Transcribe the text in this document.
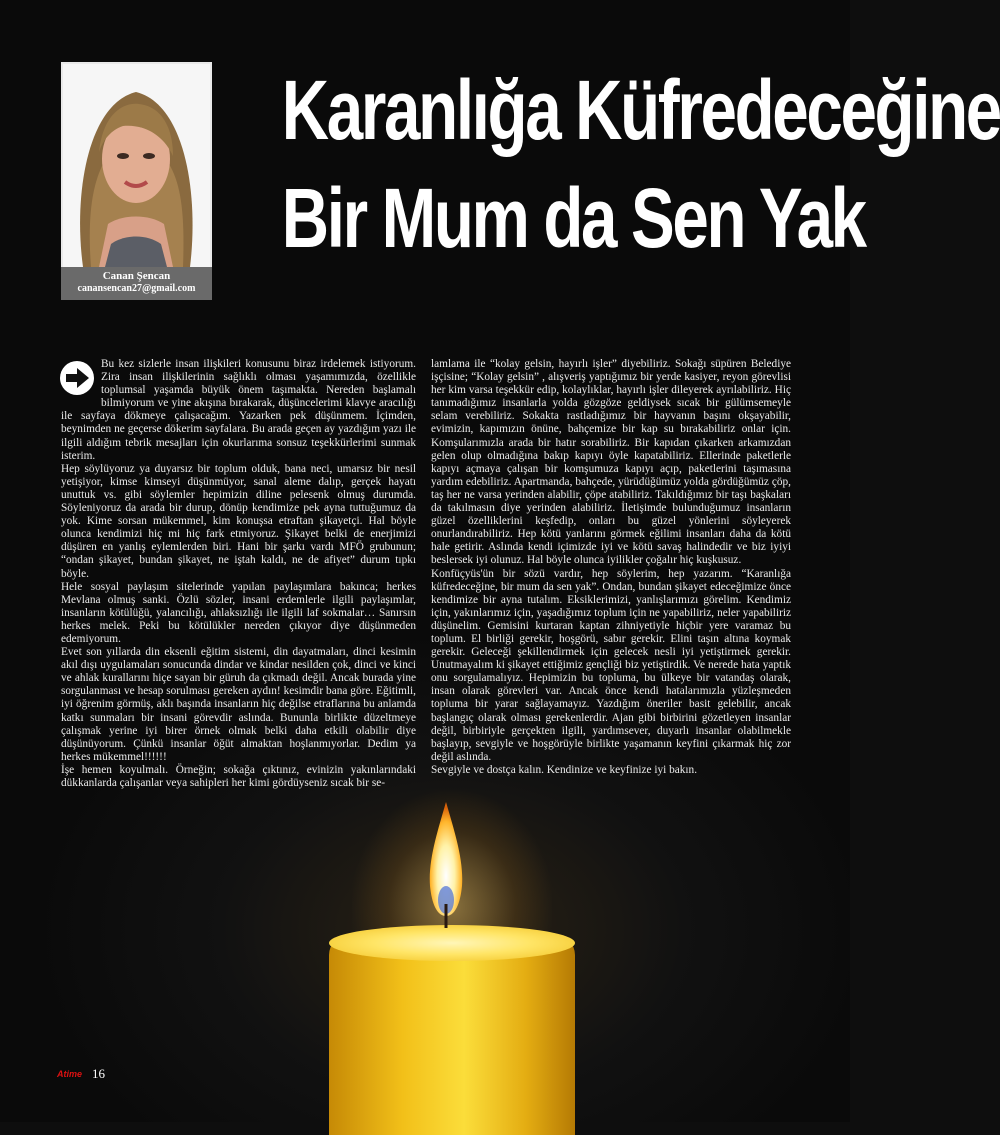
Canan Şencan
canansencan27@gmail.com
Karanlığa Küfredeceğine
Bir Mum da Sen Yak

Bu kez sizlerle insan ilişkileri konusunu biraz irdelemek istiyorum. Zira insan ilişkilerinin sağlıklı olması yaşamımızda, özellikle toplumsal yaşamda büyük önem taşımakta. Nereden başlamalı bilmiyorum ve yine akışına bırakarak, düşüncelerimi klavye aracılığı ile sayfaya dökmeye çalışacağım. Yazarken pek düşünmem. İçimden, beynimden ne geçerse dökerim sayfalara. Bu arada geçen ay yazdığım yazı ile ilgili aldığım tebrik mesajları için okurlarıma sonsuz teşekkürlerimi sunmak isterim.
Hep söylüyoruz ya duyarsız bir toplum olduk, bana neci, umarsız bir nesil yetişiyor, kimse kimseyi düşünmüyor, sanal aleme dalıp, gerçek hayatı unuttuk vs. gibi söylemler hepimizin diline pelesenk olmuş durumda. Söyleniyoruz da arada bir durup, dönüp kendimize pek ayna tuttuğumuz da yok. Kime sorsan mükemmel, kim konuşsa etraftan şikayetçi. Hal böyle olunca kendimizi hiç mi hiç fark etmiyoruz. Şikayet belki de enerjimizi düşüren en yanlış eylemlerden biri. Hani bir şarkı vardı MFÖ grubunun; “ondan şikayet, bundan şikayet, ne iştah kaldı, ne de afiyet” durum tıpkı böyle.
Hele sosyal paylaşım sitelerinde yapılan paylaşımlara bakınca; herkes Mevlana olmuş sanki. Özlü sözler, insani erdemlerle ilgili paylaşımlar, insanların kötülüğü, yalancılığı, ahlaksızlığı ile ilgili laf sokmalar… Sanırsın herkes melek. Peki bu kötülükler nereden çıkıyor diye düşünmeden edemiyorum.
Evet son yıllarda din eksenli eğitim sistemi, din dayatmaları, dinci kesimin akıl dışı uygulamaları sonucunda dindar ve kindar nesilden çok, dinci ve kinci ve ahlak kurallarını hiçe sayan bir güruh da çıkmadı değil. Ancak burada yine sorgulanması ve hesap sorulması gereken aydın! kesimdir bana göre. Eğitimli, iyi öğrenim görmüş, aklı başında insanların hiç değilse etraflarına bu anlamda katkı sunmaları bir insani görevdir aslında. Bununla birlikte düzeltmeye çalışmak yerine iyi birer örnek olmak belki daha etkili olabilir diye düşünüyorum. Çünkü insanlar öğüt almaktan hoşlanmıyorlar. Dedim ya herkes mükemmel!!!!!!
İşe hemen koyulmalı. Örneğin; sokağa çıktınız, evinizin yakınlarındaki dükkanlarda çalışanlar veya sahipleri her kimi gördüyseniz sıcak bir se-

lamlama ile “kolay gelsin, hayırlı işler” diyebiliriz. Sokağı süpüren Belediye işçisine; “Kolay gelsin” , alışveriş yaptığımız bir yerde kasiyer, reyon görevlisi her kim varsa teşekkür edip, kolaylıklar, hayırlı işler dileyerek ayrılabiliriz. Hiç tanımadığımız insanlarla yolda gözgöze geldiysek sıcak bir gülümsemeyle selam verebiliriz. Sokakta rastladığımız bir hayvanın başını okşayabilir, evimizin, kapımızın önüne, bahçemize bir kap su bırakabiliriz onlar için. Komşularımızla arada bir hatır sorabiliriz. Bir kapıdan çıkarken arkamızdan gelen olup olmadığına bakıp kapıyı öyle kapatabiliriz. Ellerinde paketlerle kapıyı açmaya çalışan bir komşumuza kapıyı açıp, paketlerini taşımasına yardım edebiliriz. Apartmanda, bahçede, yürüdüğümüz yolda gördüğümüz çöp, taş her ne varsa yerinden alabilir, çöpe atabiliriz. Takıldığımız bir taşı başkaları da takılmasın diye yerinden alabiliriz. İletişimde bulunduğumuz insanların güzel özelliklerini keşfedip, onları bu güzel yönlerini söyleyerek onurlandırabiliriz. Hep kötü yanlarını görmek eğilimi insanları daha da kötü hale getirir. Aslında kendi içimizde iyi ve kötü savaş halindedir ve biz iyiyi beslersek iyi olunuz. Hal böyle olunca iyilikler çoğalır hiç kuşkusuz.
Konfüçyüs'ün bir sözü vardır, hep söylerim, hep yazarım. “Karanlığa küfredeceğine, bir mum da sen yak”. Ondan, bundan şikayet edeceğimize önce kendimize bir ayna tutalım. Eksiklerimizi, yanlışlarımızı görelim. Kendimiz için, yakınlarımız için, yaşadığımız toplum için ne yapabiliriz, neler yapabiliriz düşünelim. Gemisini kurtaran kaptan zihniyetiyle hiçbir yere varamaz bu toplum. El birliği gerekir, hoşgörü, sabır gerekir. Elini taşın altına koymak gerekir. Geleceği şekillendirmek için gelecek nesli iyi yetiştirmek gerekir. Unutmayalım ki şikayet ettiğimiz gençliği biz yetiştirdik. Ve nerede hata yaptık onu sorgulamalıyız. Hepimizin bu topluma, bu ülkeye bir vatandaş olarak, insan olarak görevleri var. Ancak önce kendi hatalarımızla yüzleşmeden topluma bir yarar sağlayamayız. Yazdığım öneriler basit gelebilir, ancak başlangıç olarak olması gerekenlerdir. Ajan gibi birbirini gözetleyen insanlar değil, birbiriyle gerçekten ilgili, yardımsever, duyarlı insanlar olabilmekle başlayıp, sevgiyle ve hoşgörüyle birlikte yaşamanın keyfini çıkarmak hiç zor değil aslında.
Sevgiyle ve dostça kalın. Kendinize ve keyfinize iyi bakın.

Atime 16
